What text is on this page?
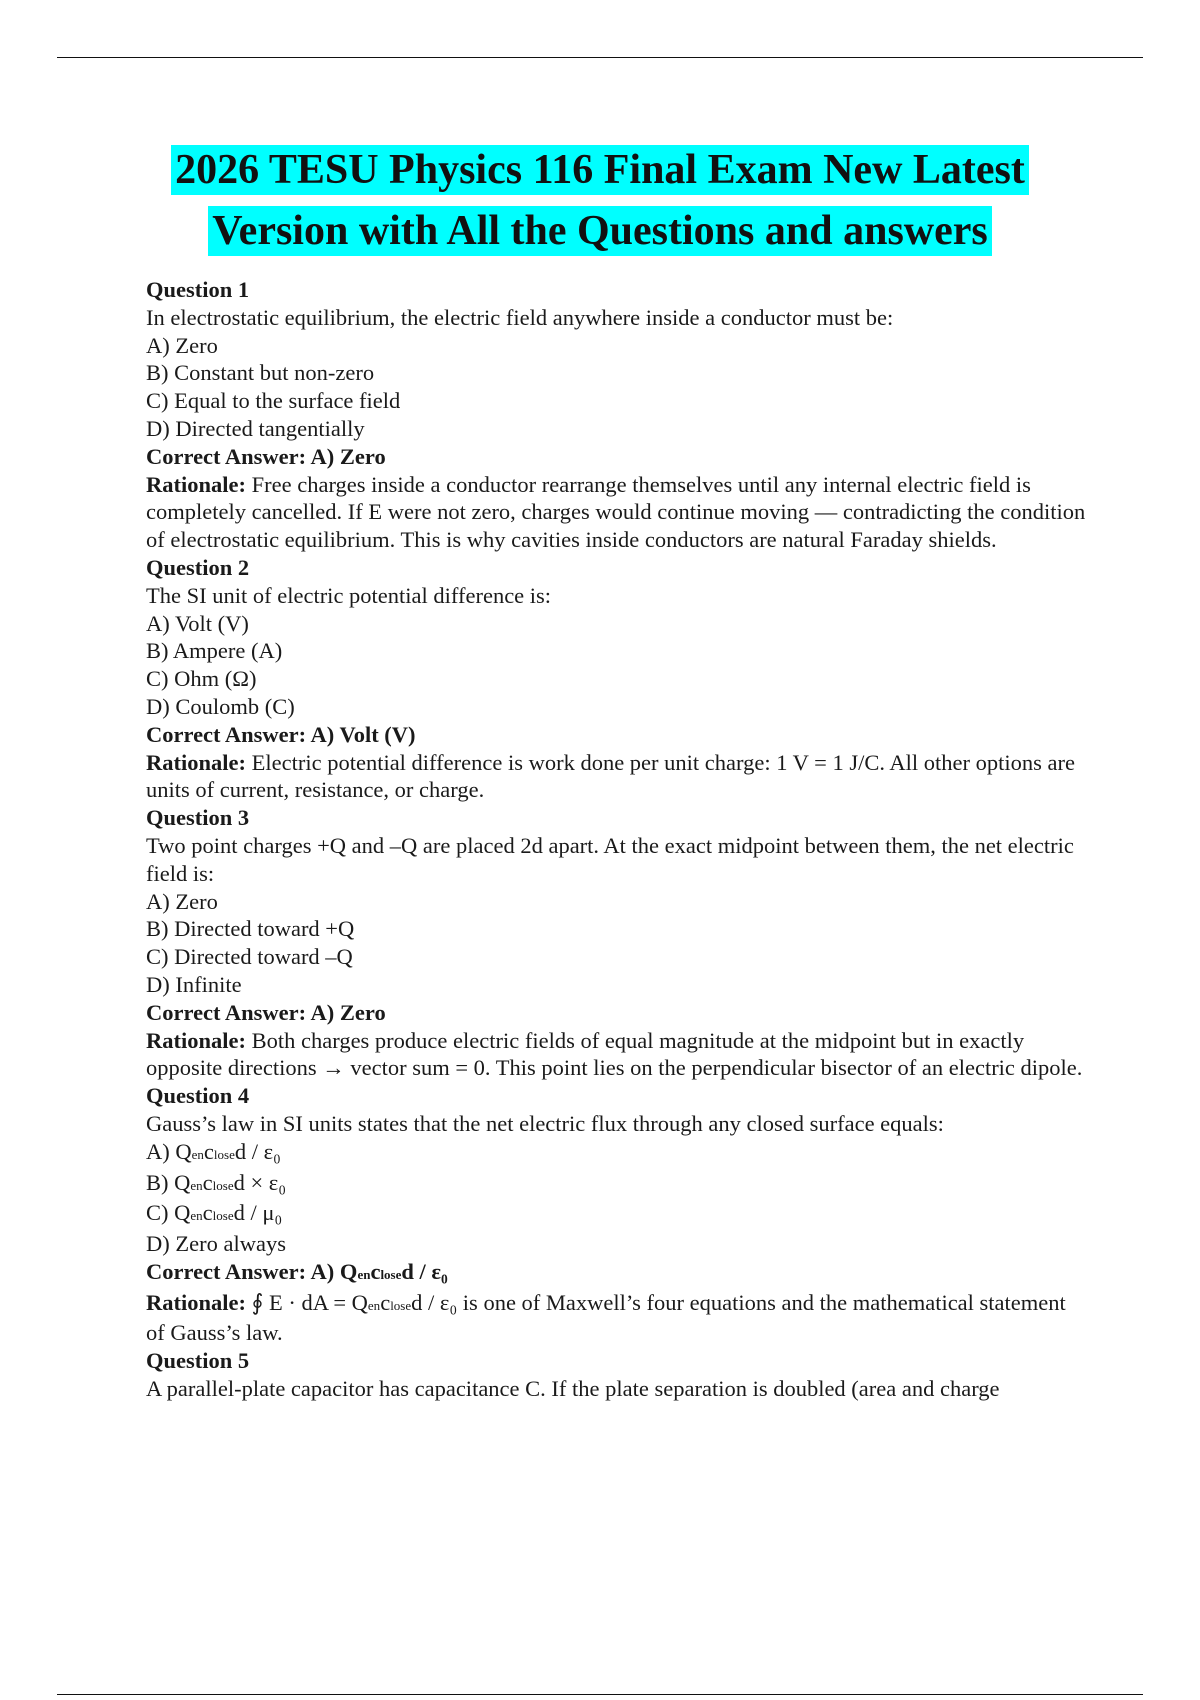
2026 TESU Physics 116 Final Exam New Latest
Version with All the Questions and answers

Question 1

In electrostatic equilibrium, the electric field anywhere inside a conductor must be:

A) Zero

B) Constant but non-zero

C) Equal to the surface field

D) Directed tangentially

Correct Answer: A) Zero

Rationale: Free charges inside a conductor rearrange themselves until any internal electric field is completely cancelled. If E were not zero, charges would continue moving — contradicting the condition of electrostatic equilibrium. This is why cavities inside conductors are natural Faraday shields.

Question 2

The SI unit of electric potential difference is:

A) Volt (V)

B) Ampere (A)

C) Ohm (Ω)

D) Coulomb (C)

Correct Answer: A) Volt (V)

Rationale: Electric potential difference is work done per unit charge: 1 V = 1 J/C. All other options are units of current, resistance, or charge.

Question 3

Two point charges +Q and –Q are placed 2d apart. At the exact midpoint between them, the net electric field is:

A) Zero

B) Directed toward +Q

C) Directed toward –Q

D) Infinite

Correct Answer: A) Zero

Rationale: Both charges produce electric fields of equal magnitude at the midpoint but in exactly opposite directions → vector sum = 0. This point lies on the perpendicular bisector of an electric dipole.

Question 4

Gauss’s law in SI units states that the net electric flux through any closed surface equals:

A) Qenclosed / ε₀

B) Qenclosed × ε₀

C) Qenclosed / μ₀

D) Zero always

Correct Answer: A) Qenclosed / ε₀

Rationale: ∮ E · dA = Qenclosed / ε₀ is one of Maxwell’s four equations and the mathematical statement of Gauss’s law.

Question 5

A parallel-plate capacitor has capacitance C. If the plate separation is doubled (area and charge
